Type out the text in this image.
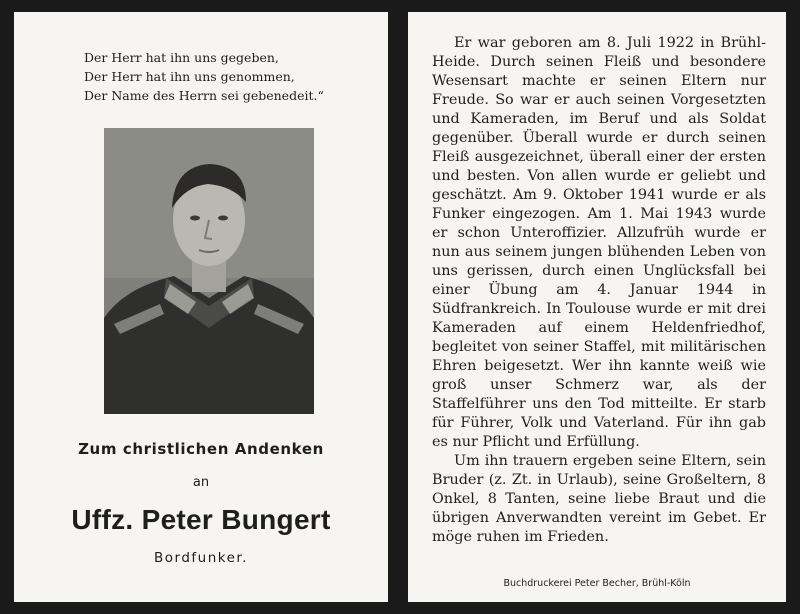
Der Herr hat ihn uns gegeben,
Der Herr hat ihn uns genommen,
Der Name des Herrn sei gebenedeit.“
Zum christlichen Andenken
an
Uffz. Peter Bungert
Bordfunker.

Er war geboren am 8. Juli 1922 in Brühl-Heide. Durch seinen Fleiß und besondere Wesensart machte er seinen Eltern nur Freude. So war er auch seinen Vorgesetzten und Kameraden, im Beruf und als Soldat gegenüber. Überall wurde er durch seinen Fleiß ausgezeichnet, überall einer der ersten und besten. Von allen wurde er geliebt und geschätzt. Am 9. Oktober 1941 wurde er als Funker eingezogen. Am 1. Mai 1943 wurde er schon Unteroffizier. Allzufrüh wurde er nun aus seinem jungen blühenden Leben von uns gerissen, durch einen Unglücksfall bei einer Übung am 4. Januar 1944 in Südfrankreich. In Toulouse wurde er mit drei Kameraden auf einem Heldenfriedhof, begleitet von seiner Staffel, mit militärischen Ehren beigesetzt. Wer ihn kannte weiß wie groß unser Schmerz war, als der Staffelführer uns den Tod mitteilte. Er starb für Führer, Volk und Vaterland. Für ihn gab es nur Pflicht und Erfüllung.

Um ihn trauern ergeben seine Eltern, sein Bruder (z. Zt. in Urlaub), seine Großeltern, 8 Onkel, 8 Tanten, seine liebe Braut und die übrigen Anverwandten vereint im Gebet. Er möge ruhen im Frieden.

Buchdruckerei Peter Becher, Brühl-Köln
